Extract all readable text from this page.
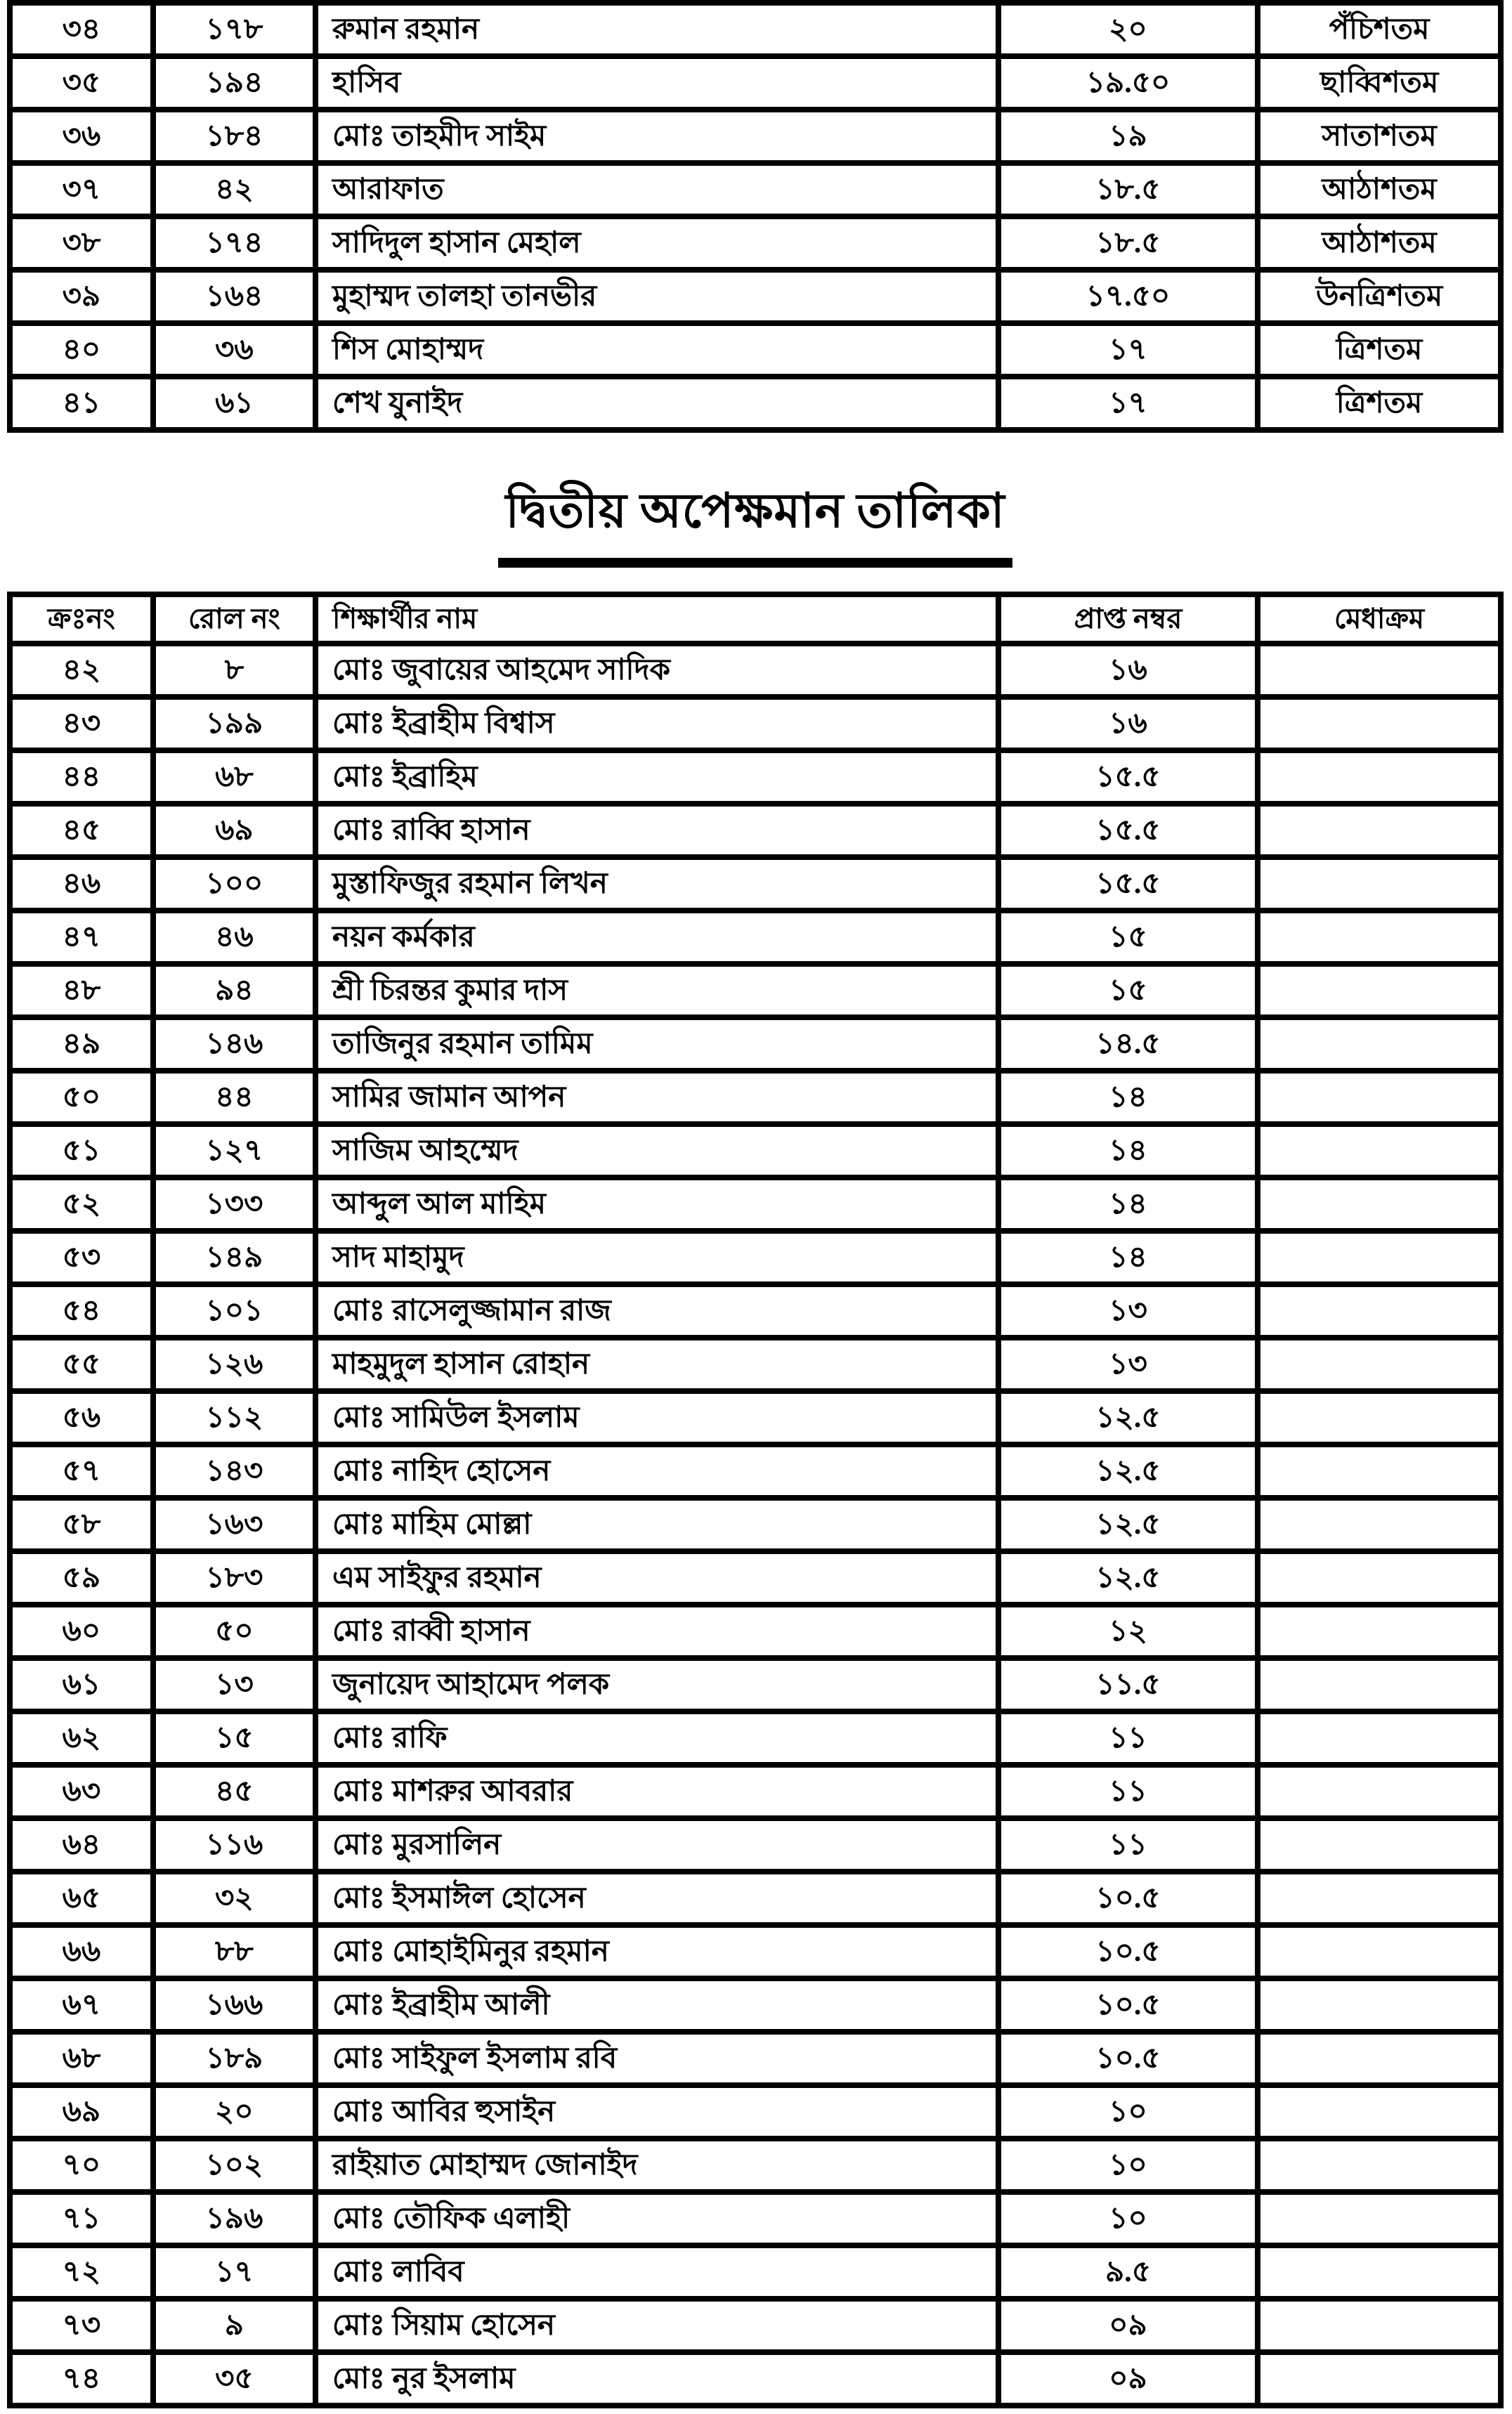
৩৪	১৭৮	রুমান রহমান	২০	পঁচিশতম
৩৫	১৯৪	হাসিব	১৯.৫০	ছাব্বিশতম
৩৬	১৮৪	মোঃ তাহমীদ সাইম	১৯	সাতাশতম
৩৭	৪২	আরাফাত	১৮.৫	আঠাশতম
৩৮	১৭৪	সাদিদুল হাসান মেহাল	১৮.৫	আঠাশতম
৩৯	১৬৪	মুহাম্মদ তালহা তানভীর	১৭.৫০	উনত্রিশতম
৪০	৩৬	শিস মোহাম্মদ	১৭	ত্রিশতম
৪১	৬১	শেখ যুনাইদ	১৭	ত্রিশতম
দ্বিতীয় অপেক্ষমান তালিকা
ক্রঃনং	রোল নং	শিক্ষার্থীর নাম	প্রাপ্ত নম্বর	মেধাক্রম
৪২	৮	মোঃ জুবায়ের আহমেদ সাদিক	১৬	
৪৩	১৯৯	মোঃ ইব্রাহীম বিশ্বাস	১৬	
৪৪	৬৮	মোঃ ইব্রাহিম	১৫.৫	
৪৫	৬৯	মোঃ রাব্বি হাসান	১৫.৫	
৪৬	১০০	মুস্তাফিজুর রহমান লিখন	১৫.৫	
৪৭	৪৬	নয়ন কর্মকার	১৫	
৪৮	৯৪	শ্রী চিরন্তর কুমার দাস	১৫	
৪৯	১৪৬	তাজিনুর রহমান তামিম	১৪.৫	
৫০	৪৪	সামির জামান আপন	১৪	
৫১	১২৭	সাজিম আহম্মেদ	১৪	
৫২	১৩৩	আব্দুল আল মাহিম	১৪	
৫৩	১৪৯	সাদ মাহামুদ	১৪	
৫৪	১০১	মোঃ রাসেলুজ্জামান রাজ	১৩	
৫৫	১২৬	মাহমুদুল হাসান রোহান	১৩	
৫৬	১১২	মোঃ সামিউল ইসলাম	১২.৫	
৫৭	১৪৩	মোঃ নাহিদ হোসেন	১২.৫	
৫৮	১৬৩	মোঃ মাহিম মোল্লা	১২.৫	
৫৯	১৮৩	এম সাইফুর রহমান	১২.৫	
৬০	৫০	মোঃ রাব্বী হাসান	১২	
৬১	১৩	জুনায়েদ আহামেদ পলক	১১.৫	
৬২	১৫	মোঃ রাফি	১১	
৬৩	৪৫	মোঃ মাশরুর আবরার	১১	
৬৪	১১৬	মোঃ মুরসালিন	১১	
৬৫	৩২	মোঃ ইসমাঈল হোসেন	১০.৫	
৬৬	৮৮	মোঃ মোহাইমিনুর রহমান	১০.৫	
৬৭	১৬৬	মোঃ ইব্রাহীম আলী	১০.৫	
৬৮	১৮৯	মোঃ সাইফুল ইসলাম রবি	১০.৫	
৬৯	২০	মোঃ আবির হুসাইন	১০	
৭০	১০২	রাইয়াত মোহাম্মদ জোনাইদ	১০	
৭১	১৯৬	মোঃ তৌফিক এলাহী	১০	
৭২	১৭	মোঃ লাবিব	৯.৫	
৭৩	৯	মোঃ সিয়াম হোসেন	০৯	
৭৪	৩৫	মোঃ নুর ইসলাম	০৯	
